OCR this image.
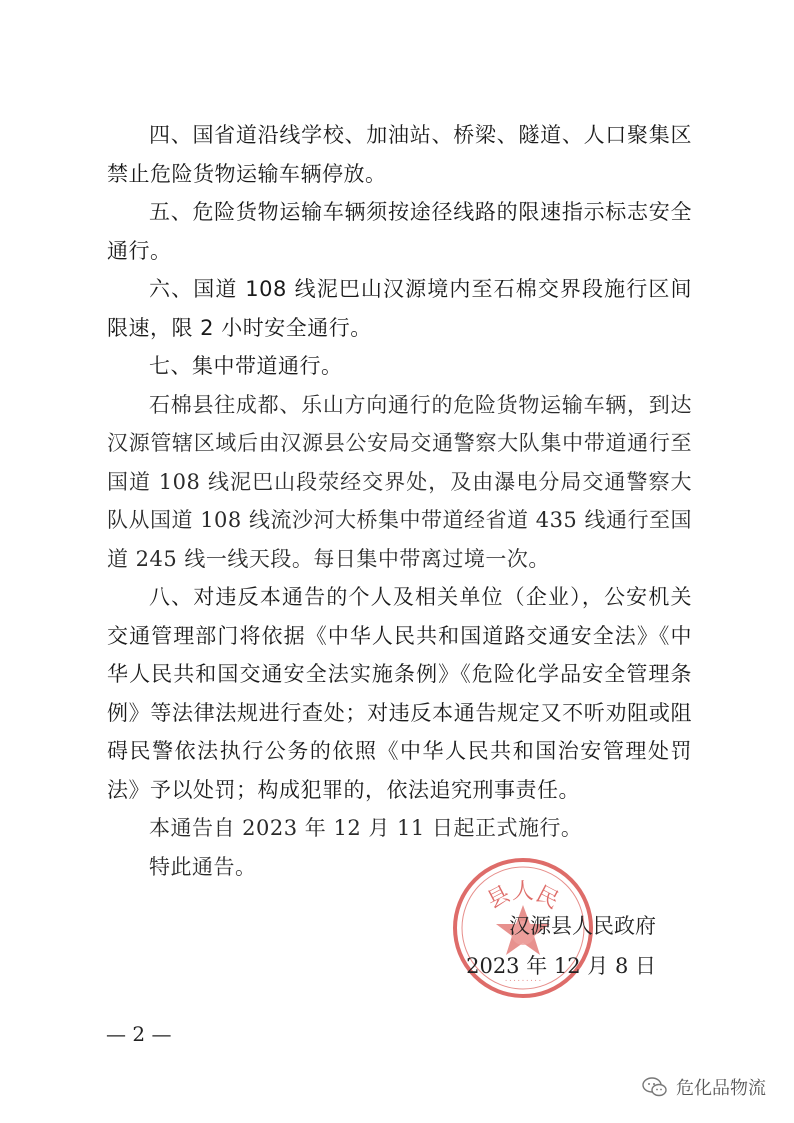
四、国省道沿线学校、加油站、桥梁、隧道、人口聚集区禁止危险货物运输车辆停放。

五、危险货物运输车辆须按途径线路的限速指示标志安全通行。

六、国道 108 线泥巴山汉源境内至石棉交界段施行区间限速，限 2 小时安全通行。

七、集中带道通行。

石棉县往成都、乐山方向通行的危险货物运输车辆，到达汉源管辖区域后由汉源县公安局交通警察大队集中带道通行至国道 108 线泥巴山段荥经交界处，及由瀑电分局交通警察大队从国道 108 线流沙河大桥集中带道经省道 435 线通行至国道 245 线一线天段。每日集中带离过境一次。

八、对违反本通告的个人及相关单位（企业），公安机关交通管理部门将依据《中华人民共和国道路交通安全法》《中华人民共和国交通安全法实施条例》《危险化学品安全管理条例》等法律法规进行查处；对违反本通告规定又不听劝阻或阻碍民警依法执行公务的依照《中华人民共和国治安管理处罚法》予以处罚；构成犯罪的，依法追究刑事责任。

本通告自 2023 年 12 月 11 日起正式施行。

特此通告。

县人民
·········
汉源县人民政府
2023 年 12 月 8 日
— 2 —
危化品物流
